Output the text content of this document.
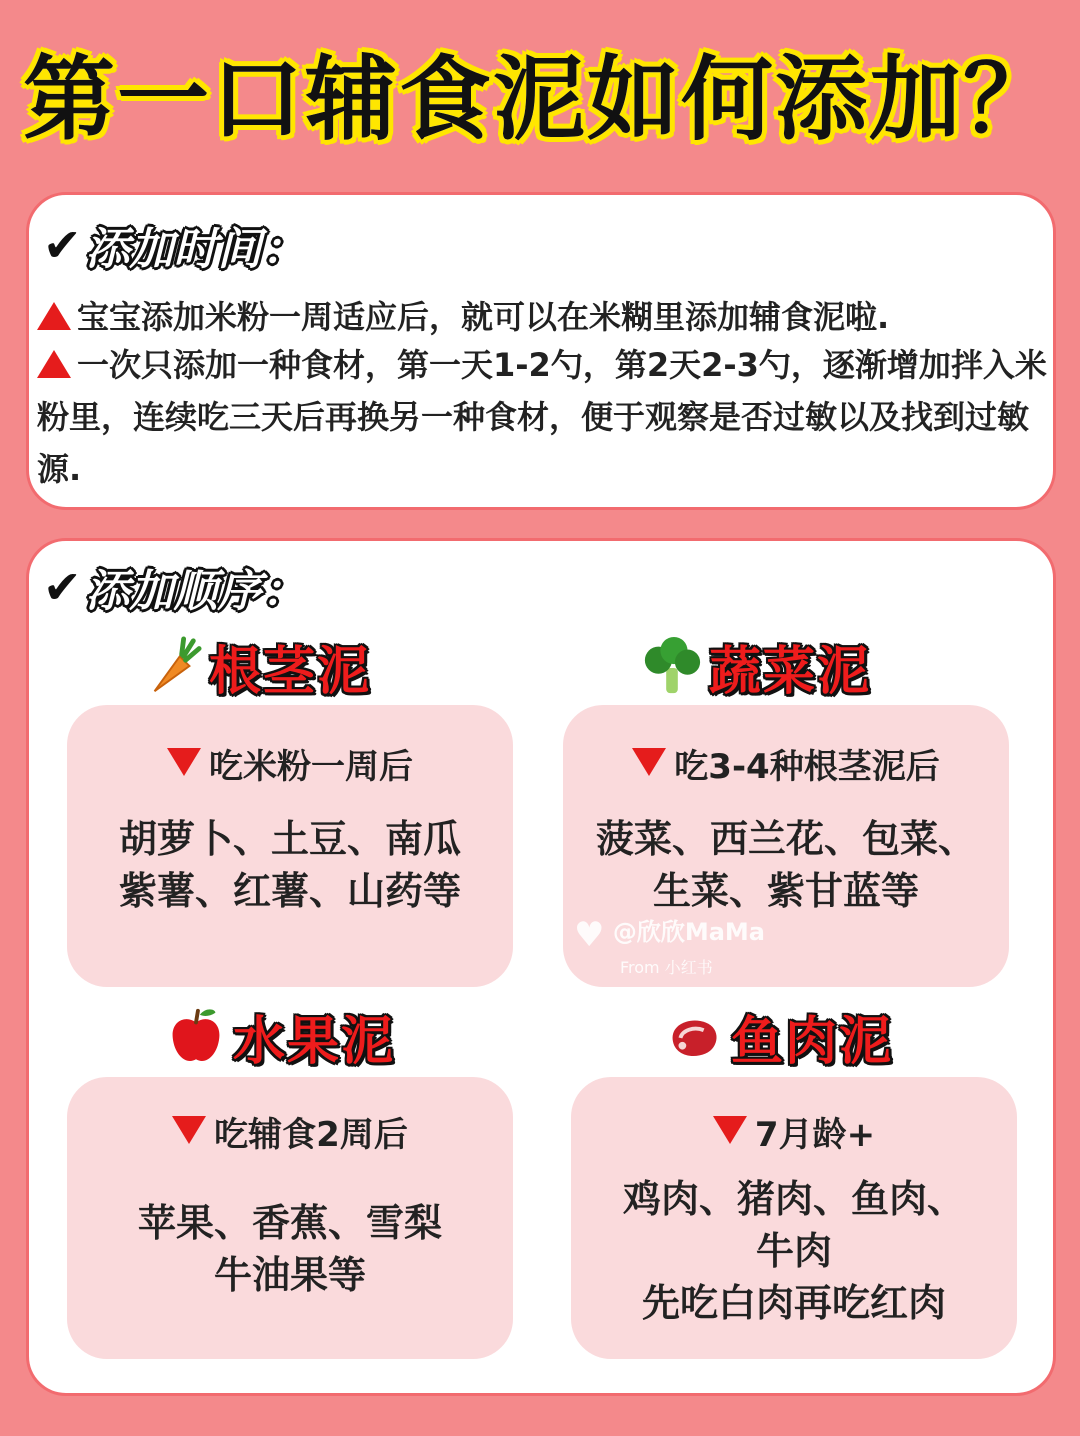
第一口辅食泥如何添加？
✔ 添加时间：
宝宝添加米粉一周适应后，就可以在米糊里添加辅食泥啦.
一次只添加一种食材，第一天1-2勺，第2天2-3勺，逐渐增加拌入米粉里，连续吃三天后再换另一种食材，便于观察是否过敏以及找到过敏源.
✔ 添加顺序：
根茎泥
吃米粉一周后
胡萝卜、土豆、南瓜
紫薯、红薯、山药等
蔬菜泥
吃3-4种根茎泥后
菠菜、西兰花、包菜、
生菜、紫甘蓝等
水果泥
吃辅食2周后
苹果、香蕉、雪梨
牛油果等
鱼肉泥
7月龄+
鸡肉、猪肉、鱼肉、
牛肉
先吃白肉再吃红肉
♥ @欣欣MaMa
From 小红书
